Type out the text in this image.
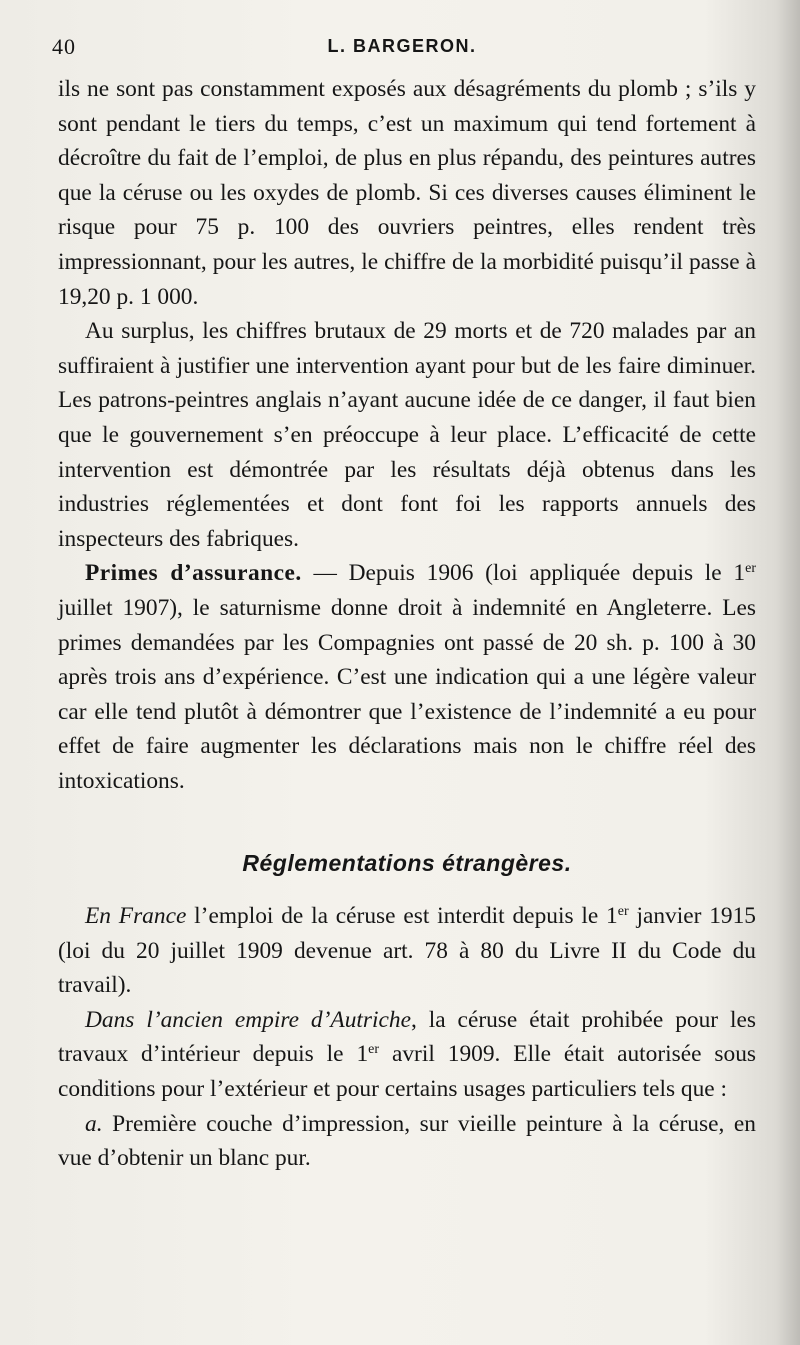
40	L. BARGERON.

ils ne sont pas constamment exposés aux désagréments du plomb ; s’ils y sont pendant le tiers du temps, c’est un maximum qui tend fortement à décroître du fait de l’emploi, de plus en plus répandu, des peintures autres que la céruse ou les oxydes de plomb. Si ces diverses causes éliminent le risque pour 75 p. 100 des ouvriers peintres, elles rendent très impressionnant, pour les autres, le chiffre de la morbidité puisqu’il passe à 19,20 p. 1 000.

Au surplus, les chiffres brutaux de 29 morts et de 720 malades par an suffiraient à justifier une intervention ayant pour but de les faire diminuer. Les patrons-peintres anglais n’ayant aucune idée de ce danger, il faut bien que le gouvernement s’en préoccupe à leur place. L’efficacité de cette intervention est démontrée par les résultats déjà obtenus dans les industries réglementées et dont font foi les rapports annuels des inspecteurs des fabriques.

Primes d’assurance. — Depuis 1906 (loi appliquée depuis le 1er juillet 1907), le saturnisme donne droit à indemnité en Angleterre. Les primes demandées par les Compagnies ont passé de 20 sh. p. 100 à 30 après trois ans d’expérience. C’est une indication qui a une légère valeur car elle tend plutôt à démontrer que l’existence de l’indemnité a eu pour effet de faire augmenter les déclarations mais non le chiffre réel des intoxications.

Réglementations étrangères.

En France l’emploi de la céruse est interdit depuis le 1er janvier 1915 (loi du 20 juillet 1909 devenue art. 78 à 80 du Livre II du Code du travail).

Dans l’ancien empire d’Autriche, la céruse était prohibée pour les travaux d’intérieur depuis le 1er avril 1909. Elle était autorisée sous conditions pour l’extérieur et pour certains usages particuliers tels que :

a. Première couche d’impression, sur vieille peinture à la céruse, en vue d’obtenir un blanc pur.
